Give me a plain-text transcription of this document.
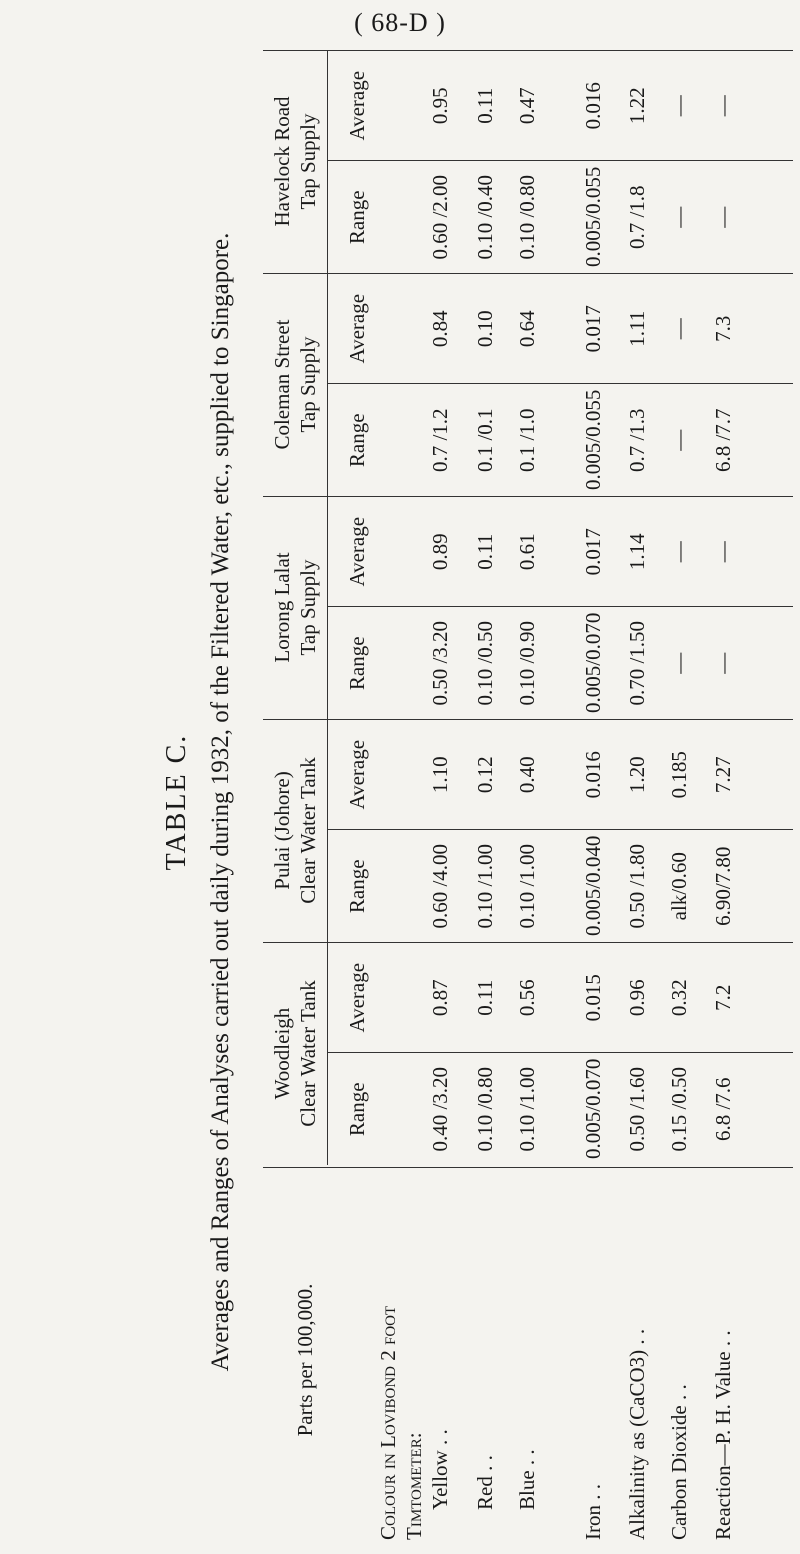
( 68-D )
TABLE C. Averages and Ranges of Analyses carried out daily during 1932, of the Filtered Water, etc., supplied to Singapore.	Parts per 100,000.	Colour in Lovibond 2 foot Timtometer: Yellow . . Red . . Blue . .
Iron . . Alkalinity as (CaCO3) . . Carbon Dioxide . . Reaction—P. H. Value . .
Woodleigh Clear Water Tank Range
Average
0.40 /3.20 0.10 /0.80 0.10 /1.00 0.005/0.070 0.50 /1.60 0.15 /0.50 6.8 /7.6
0.87 0.11 0.56 0.015 0.96 0.32 7.2
Pulai (Johore) Clear Water Tank Range
Average
0.60 /4.00 0.10 /1.00 0.10 /1.00 0.005/0.040 0.50 /1.80 alk/0.60 6.90/7.80
1.10 0.12 0.40 0.016 1.20 0.185 7.27
Lorong Lalat Tap Supply
Range
Average
0.50 /3.20 0.10 /0.50 0.10 /0.90 0.005/0.070 0.70 /1.50 — —
0.89 0.11 0.61 0.017 1.14 — —
Coleman Street Tap Supply
Range
Average
0.7 /1.2 0.1 /0.1 0.1 /1.0 0.005/0.055 0.7 /1.3 — 6.8 /7.7
0.84 0.10 0.64 0.017 1.11 — 7.3
Havelock Road Tap Supply
Range
Average
0.60 /2.00 0.10 /0.40 0.10 /0.80 0.005/0.055 0.7 /1.8 — —
0.95 0.11 0.47 0.016 1.22 — —
